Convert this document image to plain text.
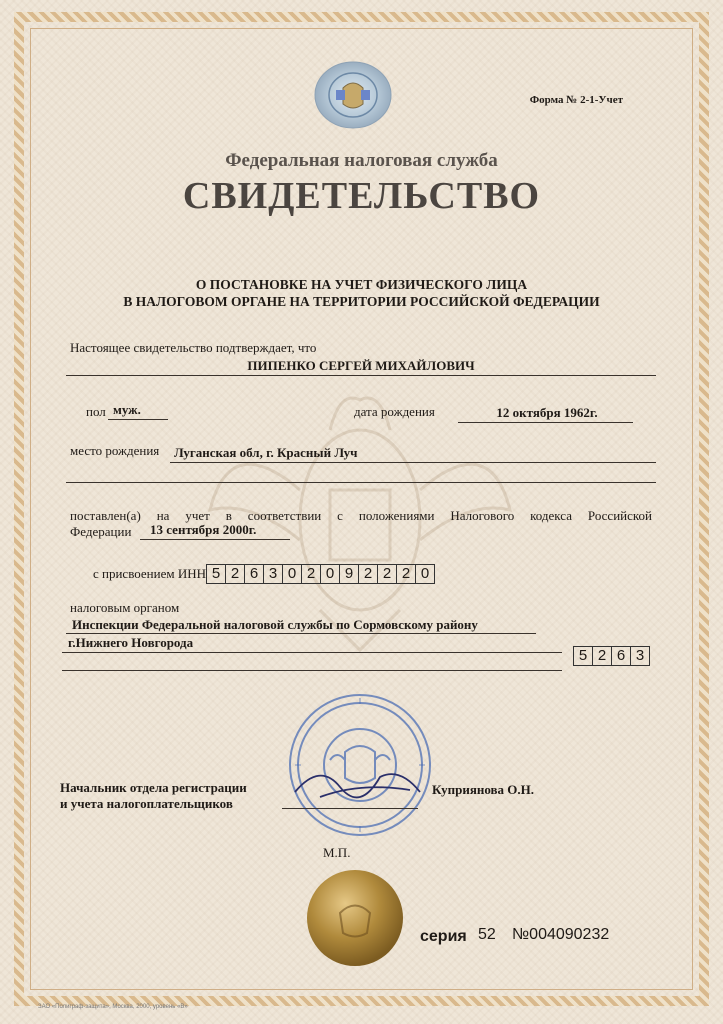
Форма № 2-1-Учет
Федеральная налоговая служба
СВИДЕТЕЛЬСТВО
О ПОСТАНОВКЕ НА УЧЕТ ФИЗИЧЕСКОГО ЛИЦА
В НАЛОГОВОМ ОРГАНЕ НА ТЕРРИТОРИИ РОССИЙСКОЙ ФЕДЕРАЦИИ
Настоящее свидетельство подтверждает, что
ПИПЕНКО СЕРГЕЙ МИХАЙЛОВИЧ
пол муж.	дата рождения	12 октября 1962г.
место рождения Луганская обл, г. Красный Луч
поставлен(а) на учет в соответствии с положениями Налогового кодекса Российской
Федерации 13 сентября 2000г.
с присвоением ИНН 5 2 6 3 0 2 0 9 2 2 2 0
налоговым органом
Инспекции Федеральной налоговой службы по Сормовскому району
г.Нижнего Новгорода
5 2 6 3
Начальник отдела регистрации
и учета налогоплательщиков
Куприянова О.Н.
М.П.
серия 52 №004090232
ЗАО «Полиграф-защита», Москва, 2000, уровень «В»
